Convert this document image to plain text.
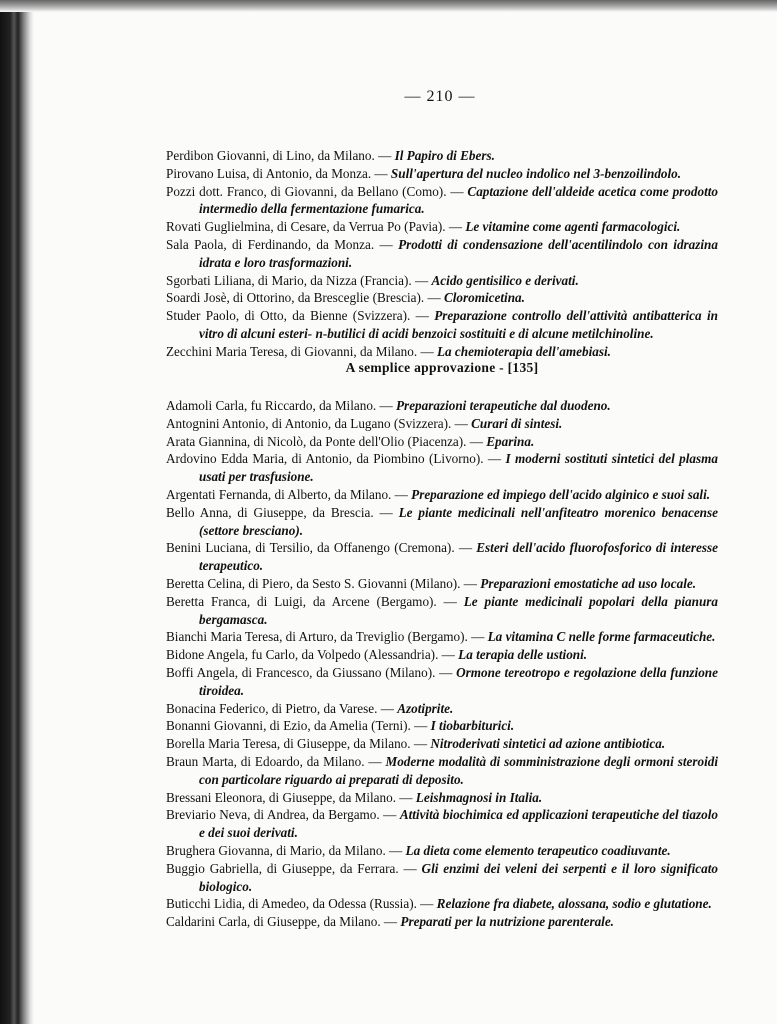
— 210 —
Perdibon Giovanni, di Lino, da Milano. — Il Papiro di Ebers.
Pirovano Luisa, di Antonio, da Monza. — Sull'apertura del nucleo indolico nel 3-benzoilindolo.
Pozzi dott. Franco, di Giovanni, da Bellano (Como). — Captazione dell'aldeide acetica come prodotto intermedio della fermentazione fumarica.
Rovati Guglielmina, di Cesare, da Verrua Po (Pavia). — Le vitamine come agenti farmacologici.
Sala Paola, di Ferdinando, da Monza. — Prodotti di condensazione dell'acentilindolo con idrazina idrata e loro trasformazioni.
Sgorbati Liliana, di Mario, da Nizza (Francia). — Acido gentisilico e derivati.
Soardi Josè, di Ottorino, da Bresceglie (Brescia). — Cloromicetina.
Studer Paolo, di Otto, da Bienne (Svizzera). — Preparazione controllo dell'attività antibatterica in vitro di alcuni esteri- n-butilici di acidi benzoici sostituiti e di alcune metilchinoline.
Zecchini Maria Teresa, di Giovanni, da Milano. — La chemioterapia dell'amebiasi.
A semplice approvazione - [135]
Adamoli Carla, fu Riccardo, da Milano. — Preparazioni terapeutiche dal duodeno.
Antognini Antonio, di Antonio, da Lugano (Svizzera). — Curari di sintesi.
Arata Giannina, di Nicolò, da Ponte dell'Olio (Piacenza). — Eparina.
Ardovino Edda Maria, di Antonio, da Piombino (Livorno). — I moderni sostituti sintetici del plasma usati per trasfusione.
Argentati Fernanda, di Alberto, da Milano. — Preparazione ed impiego dell'acido alginico e suoi sali.
Bello Anna, di Giuseppe, da Brescia. — Le piante medicinali nell'anfiteatro morenico benacense (settore bresciano).
Benini Luciana, di Tersilio, da Offanengo (Cremona). — Esteri dell'acido fluorofosforico di interesse terapeutico.
Beretta Celina, di Piero, da Sesto S. Giovanni (Milano). — Preparazioni emostatiche ad uso locale.
Beretta Franca, di Luigi, da Arcene (Bergamo). — Le piante medicinali popolari della pianura bergamasca.
Bianchi Maria Teresa, di Arturo, da Treviglio (Bergamo). — La vitamina C nelle forme farmaceutiche.
Bidone Angela, fu Carlo, da Volpedo (Alessandria). — La terapia delle ustioni.
Boffi Angela, di Francesco, da Giussano (Milano). — Ormone tereotropo e regolazione della funzione tiroidea.
Bonacina Federico, di Pietro, da Varese. — Azotiprite.
Bonanni Giovanni, di Ezio, da Amelia (Terni). — I tiobarbiturici.
Borella Maria Teresa, di Giuseppe, da Milano. — Nitroderivati sintetici ad azione antibiotica.
Braun Marta, di Edoardo, da Milano. — Moderne modalità di somministrazione degli ormoni steroidi con particolare riguardo ai preparati di deposito.
Bressani Eleonora, di Giuseppe, da Milano. — Leishmagnosi in Italia.
Breviario Neva, di Andrea, da Bergamo. — Attività biochimica ed applicazioni terapeutiche del tiazolo e dei suoi derivati.
Brughera Giovanna, di Mario, da Milano. — La dieta come elemento terapeutico coadiuvante.
Buggio Gabriella, di Giuseppe, da Ferrara. — Gli enzimi dei veleni dei serpenti e il loro significato biologico.
Buticchi Lidia, di Amedeo, da Odessa (Russia). — Relazione fra diabete, alossana, sodio e glutatione.
Caldarini Carla, di Giuseppe, da Milano. — Preparati per la nutrizione parenterale.
